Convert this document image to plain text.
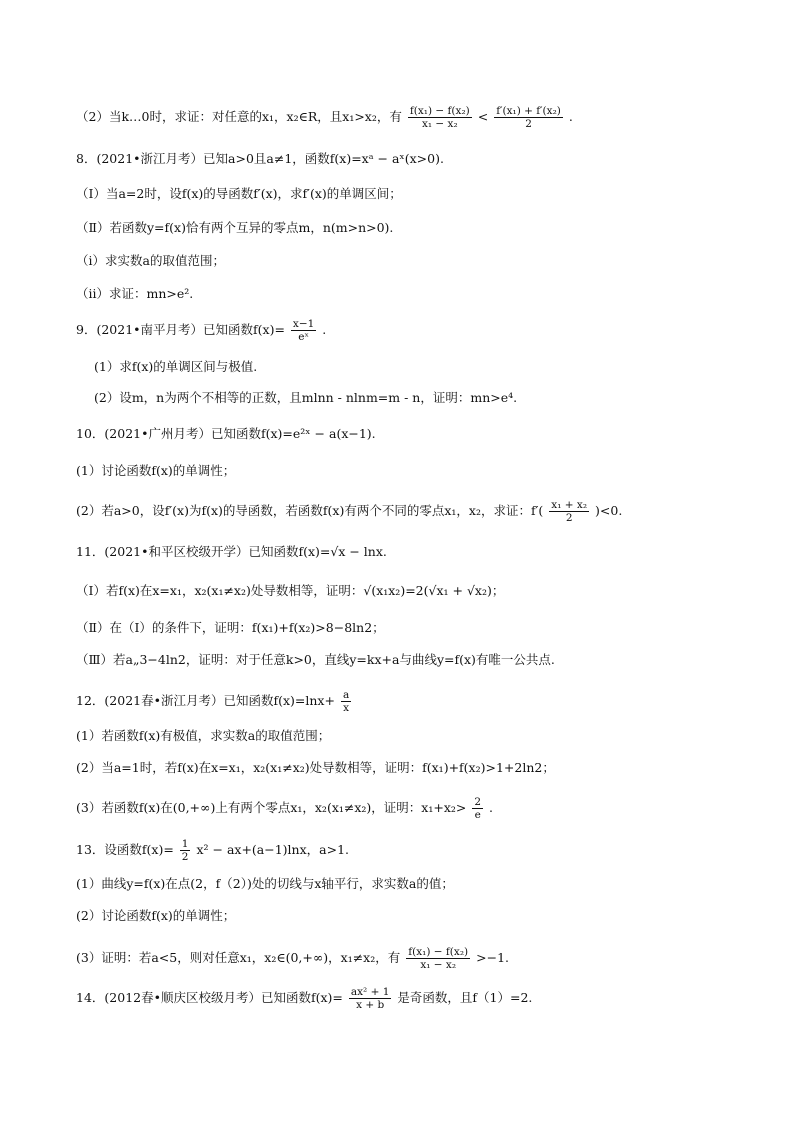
（2）当k…0时，求证：对任意的x₁，x₂∈R，且x₁>x₂，有 $\frac{\text{f(x₁) − f(x₂)}}{\text{x₁ − x₂}} < \frac{\text{f′(x₁) + f′(x₂)}}{2}$ .
8．(2021•浙江月考）已知a>0且a≠1，函数f(x)=xᵃ − aˣ(x>0).
（Ⅰ）当a=2时，设f(x)的导函数f′(x)，求f′(x)的单调区间；
（Ⅱ）若函数y=f(x)恰有两个互异的零点m，n(m>n>0).
（ⅰ）求实数a的取值范围；
（ⅱ）求证：mn>e².
9．(2021•南平月考）已知函数$f(x)= \frac{x-1}{\text{eˣ}}$ .
(1）求f(x)的单调区间与极值.
(2）设m，n为两个不相等的正数，且mlnn - nlnm=m - n，证明：mn>e⁴.
10．(2021•广州月考）已知函数f(x)=e²ˣ − a(x−1).
(1）讨论函数f(x)的单调性；
(2）若a>0，设f′(x)为f(x)的导函数，若函数f(x)有两个不同的零点x₁，x₂，求证：$f'( \frac{\text{x₁ + x₂}}{2} )<0$.
11．(2021•和平区校级开学）已知函数f(x)=√x − lnx.
（Ⅰ）若f(x)在x=x₁，x₂(x₁≠x₂)处导数相等，证明：√(x₁x₂)=2(√x₁ + √x₂)；
（Ⅱ）在（Ⅰ）的条件下，证明：f(x₁)+f(x₂)>8−8ln2；
（Ⅲ）若a„3−4ln2，证明：对于任意k>0，直线y=kx+a与曲线y=f(x)有唯一公共点.
12．(2021春•浙江月考）已知函数$f(x)=\ln x+ \frac{a}{x}$
(1）若函数f(x)有极值，求实数a的取值范围；
(2）当a=1时，若f(x)在x=x₁，x₂(x₁≠x₂)处导数相等，证明：f(x₁)+f(x₂)>1+2ln2；
(3）若函数f(x)在(0,+∞)上有两个零点x₁，x₂(x₁≠x₂)，证明：$x_1+x_2> \frac{2}{e}$ .
13．设函数$f(x)= \frac{1}{2} x^2 - ax+(a-1)\ln x$，a>1.
(1）曲线y=f(x)在点(2，f（2）)处的切线与x轴平行，求实数a的值；
(2）讨论函数f(x)的单调性；
(3）证明：若a<5，则对任意x₁，x₂∈(0,+∞)，x₁≠x₂，有 $\frac{\text{f(x₁) − f(x₂)}}{\text{x₁ − x₂}} >-1$.
14．(2012春•顺庆区校级月考）已知函数$f(x)= \frac{\text{ax² + 1}}{x + b}$ 是奇函数，且f（1）=2.
